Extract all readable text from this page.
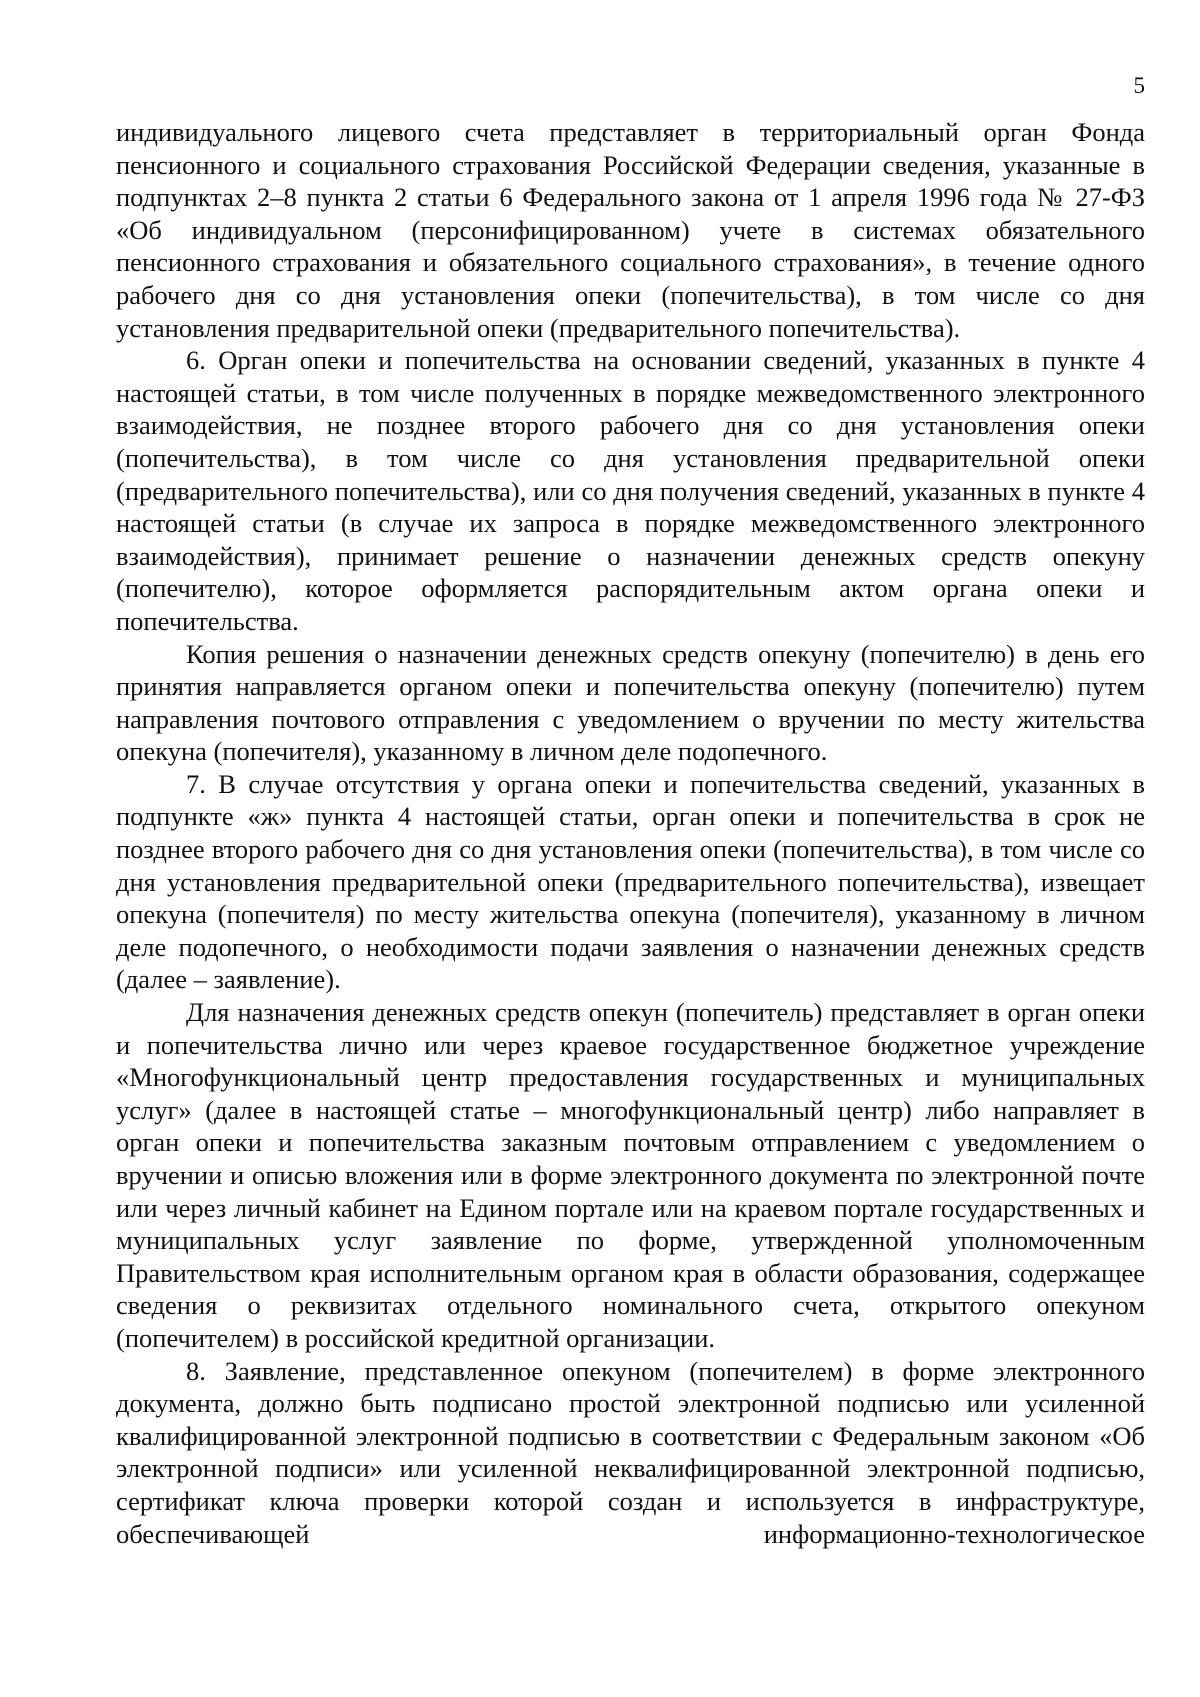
5

индивидуального лицевого счета представляет в территориальный орган Фонда пенсионного и социального страхования Российской Федерации сведения, указанные в подпунктах 2–8 пункта 2 статьи 6 Федерального закона от 1 апреля 1996 года № 27-ФЗ «Об индивидуальном (персонифицированном) учете в системах обязательного пенсионного страхования и обязательного социального страхования», в течение одного рабочего дня со дня установления опеки (попечительства), в том числе со дня установления предварительной опеки (предварительного попечительства).

6. Орган опеки и попечительства на основании сведений, указанных в пункте 4 настоящей статьи, в том числе полученных в порядке межведомственного электронного взаимодействия, не позднее второго рабочего дня со дня установления опеки (попечительства), в том числе со дня установления предварительной опеки (предварительного попечительства), или со дня получения сведений, указанных в пункте 4 настоящей статьи (в случае их запроса в порядке межведомственного электронного взаимодействия), принимает решение о назначении денежных средств опекуну (попечителю), которое оформляется распорядительным актом органа опеки и попечительства.

Копия решения о назначении денежных средств опекуну (попечителю) в день его принятия направляется органом опеки и попечительства опекуну (попечителю) путем направления почтового отправления с уведомлением о вручении по месту жительства опекуна (попечителя), указанному в личном деле подопечного.

7. В случае отсутствия у органа опеки и попечительства сведений, указанных в подпункте «ж» пункта 4 настоящей статьи, орган опеки и попечительства в срок не позднее второго рабочего дня со дня установления опеки (попечительства), в том числе со дня установления предварительной опеки (предварительного попечительства), извещает опекуна (попечителя) по месту жительства опекуна (попечителя), указанному в личном деле подопечного, о необходимости подачи заявления о назначении денежных средств (далее – заявление).

Для назначения денежных средств опекун (попечитель) представляет в орган опеки и попечительства лично или через краевое государственное бюджетное учреждение «Многофункциональный центр предоставления государственных и муниципальных услуг» (далее в настоящей статье – многофункциональный центр) либо направляет в орган опеки и попечительства заказным почтовым отправлением с уведомлением о вручении и описью вложения или в форме электронного документа по электронной почте или через личный кабинет на Едином портале или на краевом портале государственных и муниципальных услуг заявление по форме, утвержденной уполномоченным Правительством края исполнительным органом края в области образования, содержащее сведения о реквизитах отдельного номинального счета, открытого опекуном (попечителем) в российской кредитной организации.

8. Заявление, представленное опекуном (попечителем) в форме электронного документа, должно быть подписано простой электронной подписью или усиленной квалифицированной электронной подписью в соответствии с Федеральным законом «Об электронной подписи» или усиленной неквалифицированной электронной подписью, сертификат ключа проверки которой создан и используется в инфраструктуре, обеспечивающей информационно-технологическое
